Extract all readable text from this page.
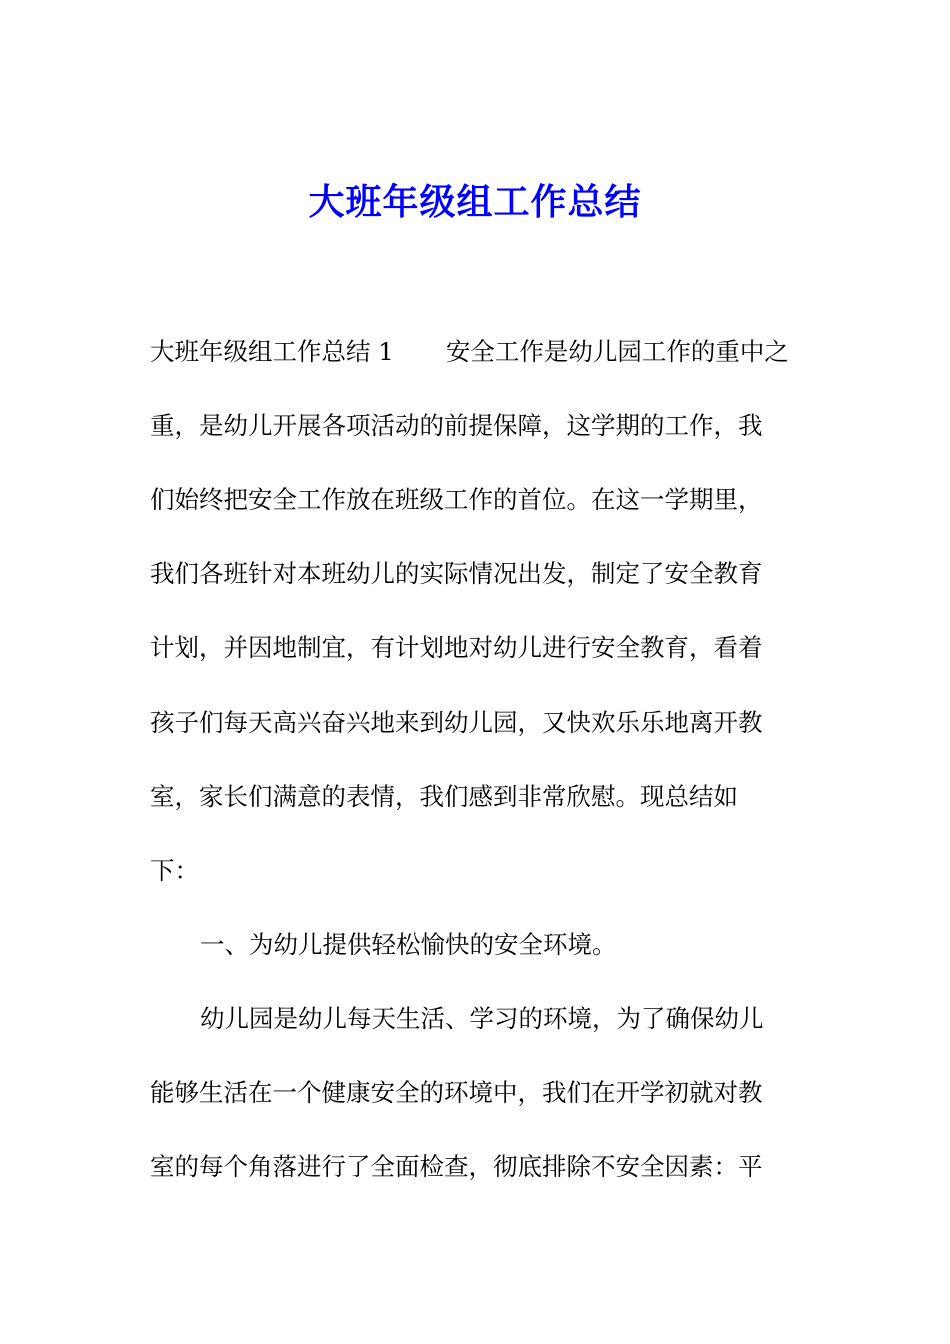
大班年级组工作总结
大班年级组工作总结 1 安全工作是幼儿园工作的重中之
重，是幼儿开展各项活动的前提保障，这学期的工作，我
们始终把安全工作放在班级工作的首位。在这一学期里，
我们各班针对本班幼儿的实际情况出发，制定了安全教育
计划，并因地制宜，有计划地对幼儿进行安全教育，看着
孩子们每天高兴奋兴地来到幼儿园，又快欢乐乐地离开教
室，家长们满意的表情，我们感到非常欣慰。现总结如
下：
一、为幼儿提供轻松愉快的安全环境。
幼儿园是幼儿每天生活、学习的环境，为了确保幼儿
能够生活在一个健康安全的环境中，我们在开学初就对教
室的每个角落进行了全面检查，彻底排除不安全因素：平
